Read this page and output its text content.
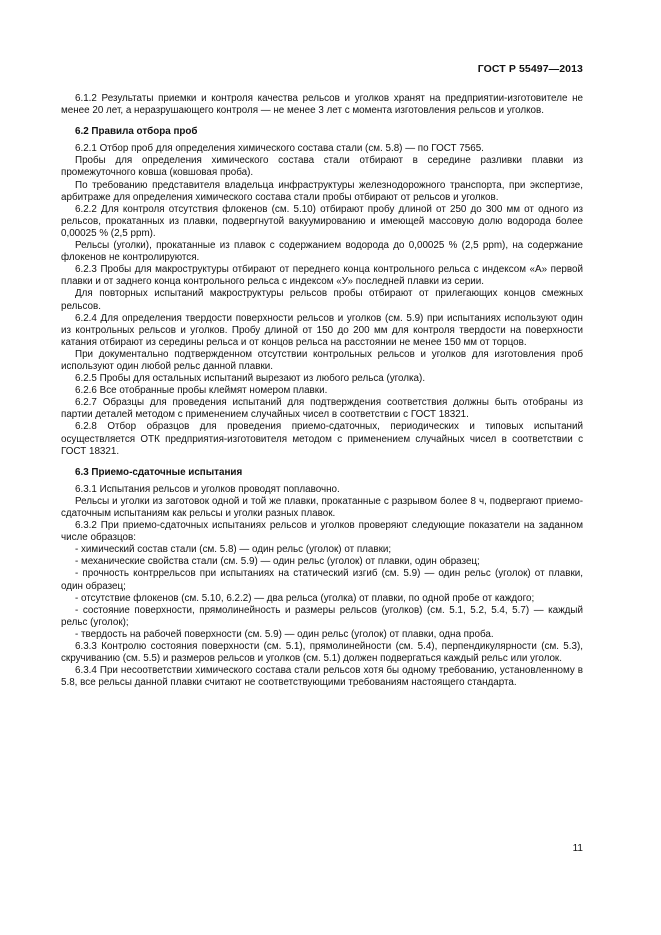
ГОСТ Р 55497—2013

6.1.2 Результаты приемки и контроля качества рельсов и уголков хранят на предприятии-изготовителе не менее 20 лет, а неразрушающего контроля — не менее 3 лет с момента изготовления рельсов и уголков.

6.2 Правила отбора проб

6.2.1 Отбор проб для определения химического состава стали (см. 5.8) — по ГОСТ 7565.

Пробы для определения химического состава стали отбирают в середине разливки плавки из промежуточного ковша (ковшовая проба).

По требованию представителя владельца инфраструктуры железнодорожного транспорта, при экспертизе, арбитраже для определения химического состава стали пробы отбирают от рельсов и уголков.

6.2.2 Для контроля отсутствия флокенов (см. 5.10) отбирают пробу длиной от 250 до 300 мм от одного из рельсов, прокатанных из плавки, подвергнутой вакуумированию и имеющей массовую долю водорода более 0,00025 % (2,5 ppm).

Рельсы (уголки), прокатанные из плавок с содержанием водорода до 0,00025 % (2,5 ppm), на содержание флокенов не контролируются.

6.2.3 Пробы для макроструктуры отбирают от переднего конца контрольного рельса с индексом «А» первой плавки и от заднего конца контрольного рельса с индексом «У» последней плавки из серии.

Для повторных испытаний макроструктуры рельсов пробы отбирают от прилегающих концов смежных рельсов.

6.2.4 Для определения твердости поверхности рельсов и уголков (см. 5.9) при испытаниях используют один из контрольных рельсов и уголков. Пробу длиной от 150 до 200 мм для контроля твердости на поверхности катания отбирают из середины рельса и от концов рельса на расстоянии не менее 150 мм от торцов.

При документально подтвержденном отсутствии контрольных рельсов и уголков для изготовления проб используют один любой рельс данной плавки.

6.2.5 Пробы для остальных испытаний вырезают из любого рельса (уголка).

6.2.6 Все отобранные пробы клеймят номером плавки.

6.2.7 Образцы для проведения испытаний для подтверждения соответствия должны быть отобраны из партии деталей методом с применением случайных чисел в соответствии с ГОСТ 18321.

6.2.8 Отбор образцов для проведения приемо-сдаточных, периодических и типовых испытаний осуществляется ОТК предприятия-изготовителя методом с применением случайных чисел в соответствии с ГОСТ 18321.

6.3 Приемо-сдаточные испытания

6.3.1 Испытания рельсов и уголков проводят поплавочно.

Рельсы и уголки из заготовок одной и той же плавки, прокатанные с разрывом более 8 ч, подвергают приемо-сдаточным испытаниям как рельсы и уголки разных плавок.

6.3.2 При приемо-сдаточных испытаниях рельсов и уголков проверяют следующие показатели на заданном числе образцов:

- химический состав стали (см. 5.8) — один рельс (уголок) от плавки;

- механические свойства стали (см. 5.9) — один рельс (уголок) от плавки, один образец;

- прочность контррельсов при испытаниях на статический изгиб (см. 5.9) — один рельс (уголок) от плавки, один образец;

- отсутствие флокенов (см. 5.10, 6.2.2) — два рельса (уголка) от плавки, по одной пробе от каждого;

- состояние поверхности, прямолинейность и размеры рельсов (уголков) (см. 5.1, 5.2, 5.4, 5.7) — каждый рельс (уголок);

- твердость на рабочей поверхности (см. 5.9) — один рельс (уголок) от плавки, одна проба.

6.3.3 Контролю состояния поверхности (см. 5.1), прямолинейности (см. 5.4), перпендикулярности (см. 5.3), скручиванию (см. 5.5) и размеров рельсов и уголков (см. 5.1) должен подвергаться каждый рельс или уголок.

6.3.4 При несоответствии химического состава стали рельсов хотя бы одному требованию, установленному в 5.8, все рельсы данной плавки считают не соответствующими требованиям настоящего стандарта.

11
